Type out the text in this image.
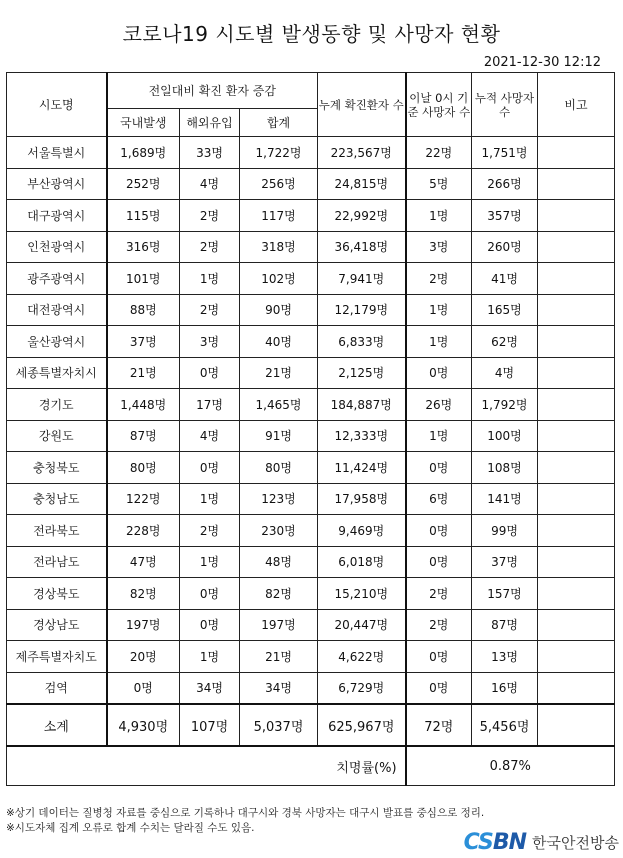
코로나19 시도별 발생동향 및 사망자 현황
2021-12-30 12:12
시도명	전일대비 확진 환자 증감			누계 확진환자 수	이날 0시 기준 사망자 수	누적 사망자 수	비고
	국내발생	해외유입	합계				
서울특별시	1,689명	33명	1,722명	223,567명	22명	1,751명	
부산광역시	252명	4명	256명	24,815명	5명	266명	
대구광역시	115명	2명	117명	22,992명	1명	357명	
인천광역시	316명	2명	318명	36,418명	3명	260명	
광주광역시	101명	1명	102명	7,941명	2명	41명	
대전광역시	88명	2명	90명	12,179명	1명	165명	
울산광역시	37명	3명	40명	6,833명	1명	62명	
세종특별자치시	21명	0명	21명	2,125명	0명	4명	
경기도	1,448명	17명	1,465명	184,887명	26명	1,792명	
강원도	87명	4명	91명	12,333명	1명	100명	
충청북도	80명	0명	80명	11,424명	0명	108명	
충청남도	122명	1명	123명	17,958명	6명	141명	
전라북도	228명	2명	230명	9,469명	0명	99명	
전라남도	47명	1명	48명	6,018명	0명	37명	
경상북도	82명	0명	82명	15,210명	2명	157명	
경상남도	197명	0명	197명	20,447명	2명	87명	
제주특별자치도	20명	1명	21명	4,622명	0명	13명	
검역	0명	34명	34명	6,729명	0명	16명	
소계	4,930명	107명	5,037명	625,967명	72명	5,456명	
치명률(%)					0.87%		
※상기 데이터는 질병청 자료를 중심으로 기록하나 대구시와 경북 사망자는 대구시 발표를 중심으로 정리.
※시도자체 집계 오류로 합계 수치는 달라질 수도 있음.
CSBN 한국안전방송
